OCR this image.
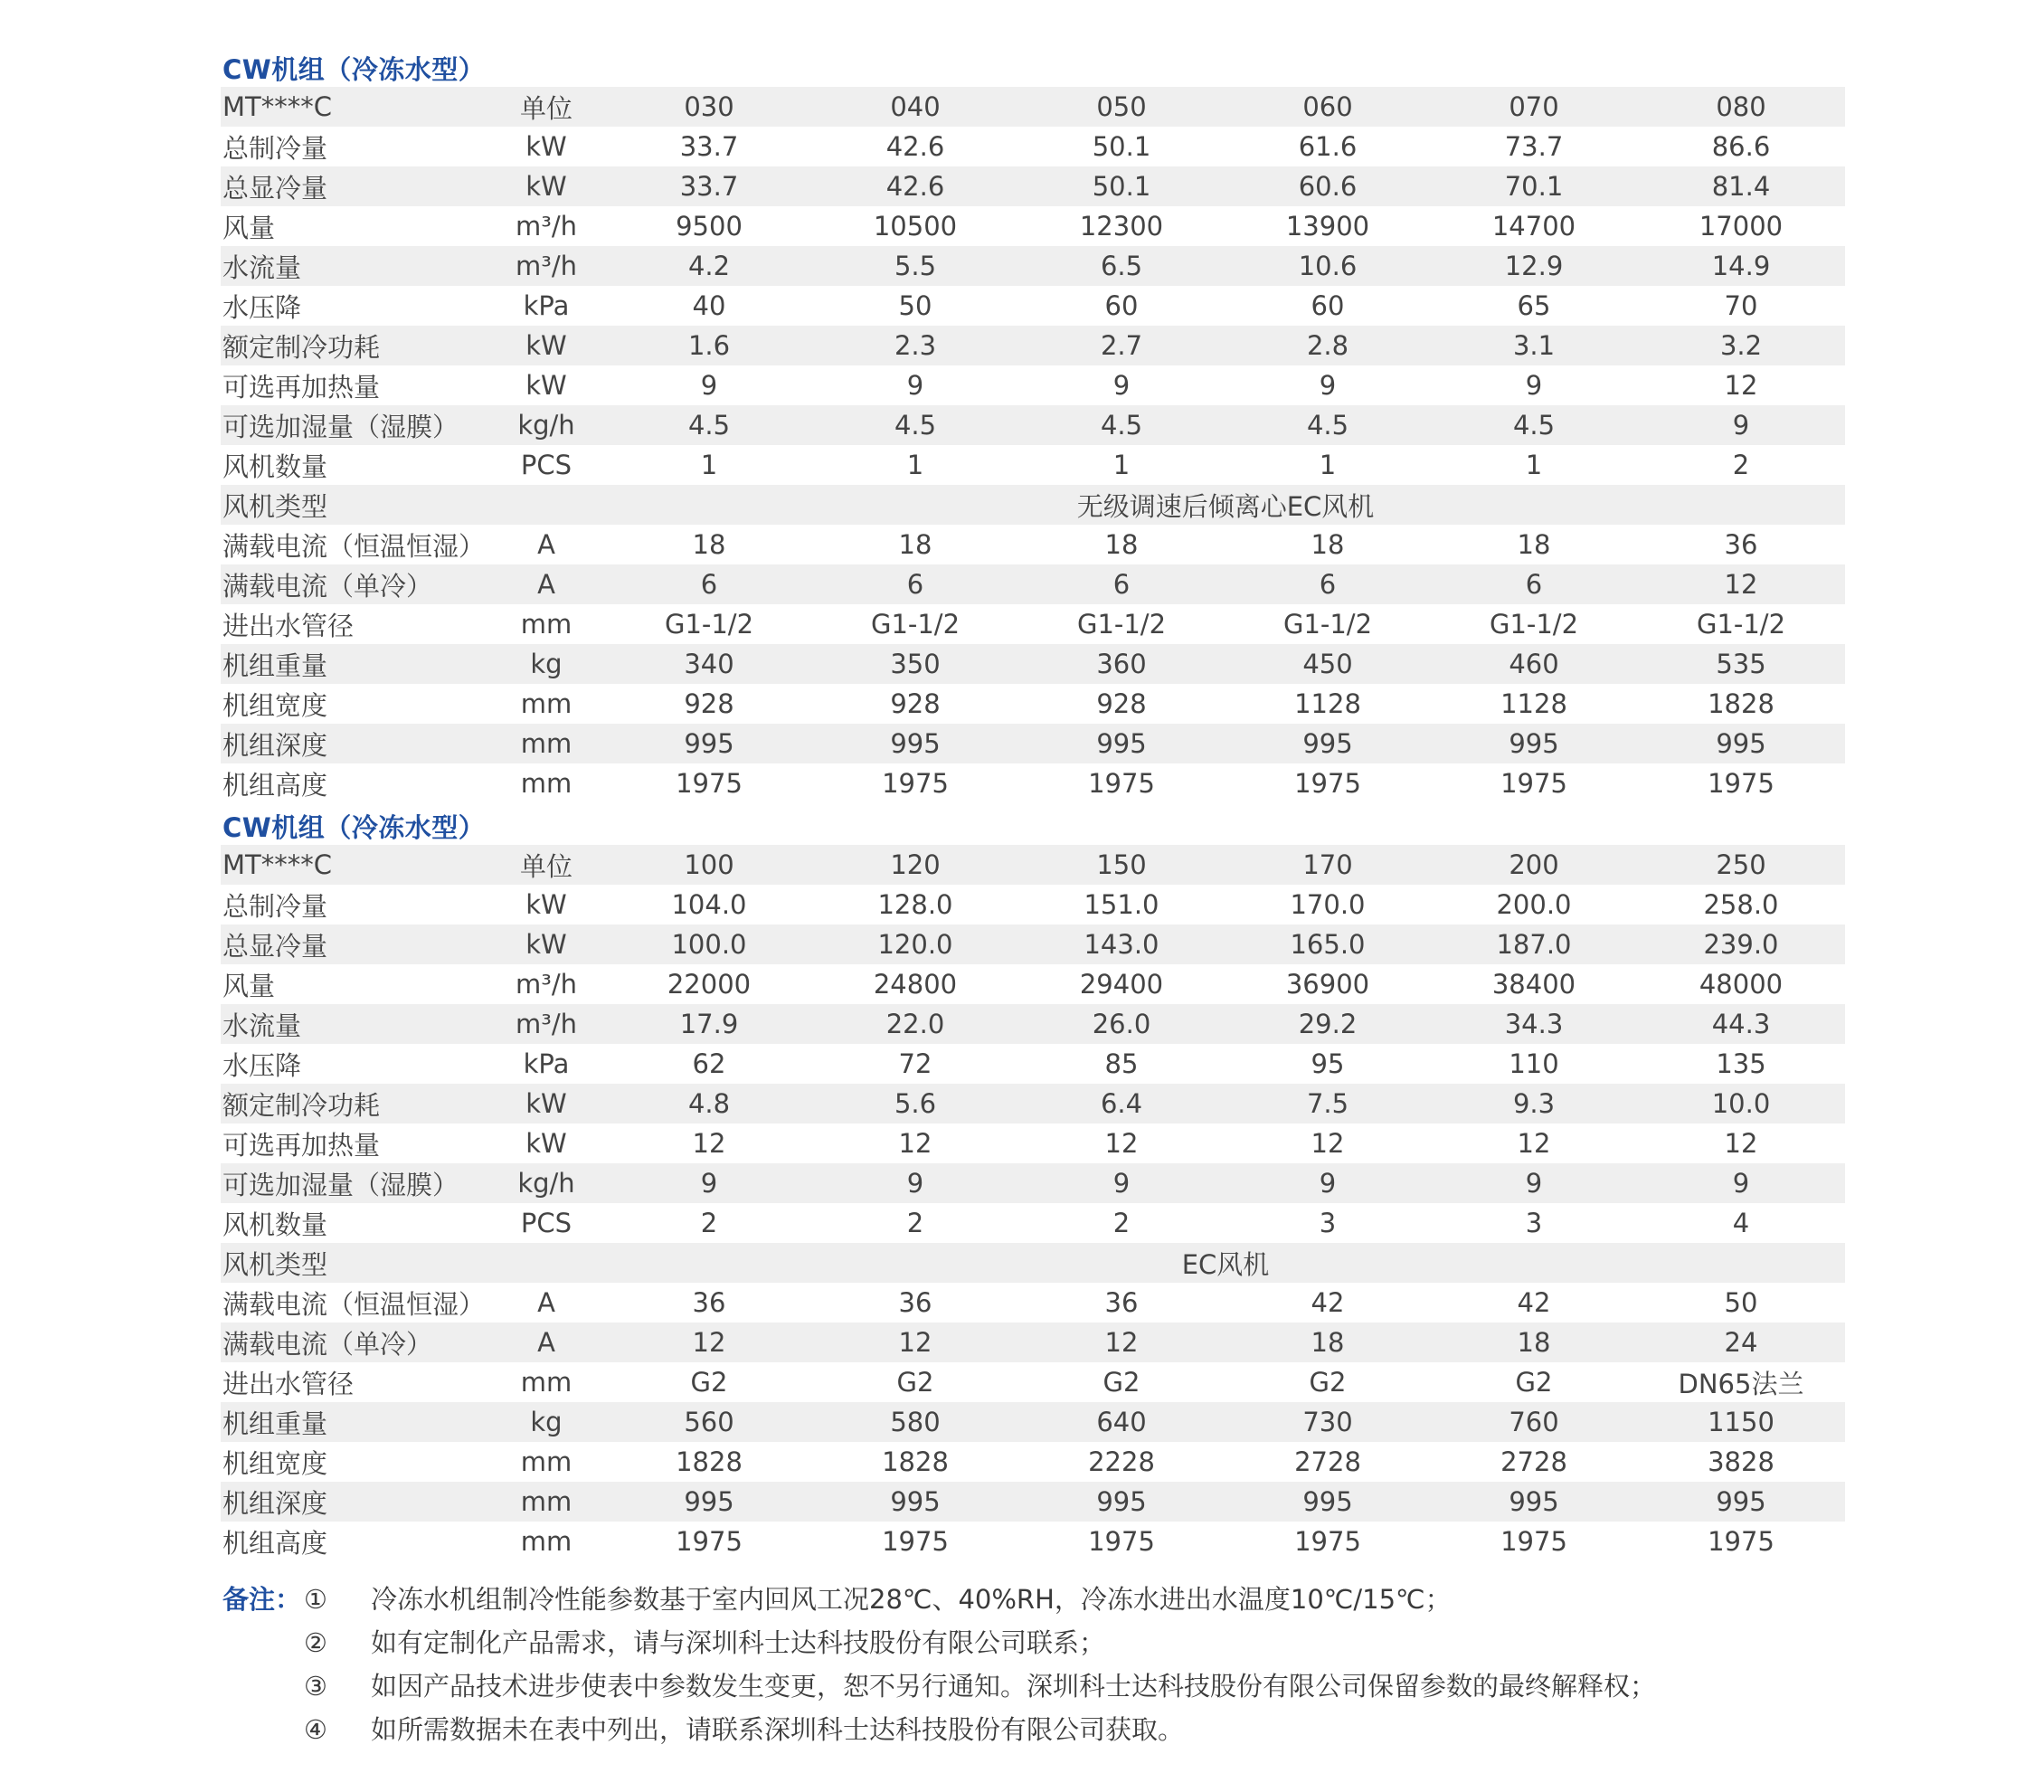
CW机组（冷冻水型）
MT****C	单位	030	040	050	060	070	080
总制冷量	kW	33.7	42.6	50.1	61.6	73.7	86.6
总显冷量	kW	33.7	42.6	50.1	60.6	70.1	81.4
风量	m³/h	9500	10500	12300	13900	14700	17000
水流量	m³/h	4.2	5.5	6.5	10.6	12.9	14.9
水压降	kPa	40	50	60	60	65	70
额定制冷功耗	kW	1.6	2.3	2.7	2.8	3.1	3.2
可选再加热量	kW	9	9	9	9	9	12
可选加湿量（湿膜）	kg/h	4.5	4.5	4.5	4.5	4.5	9
风机数量	PCS	1	1	1	1	1	2
风机类型		无级调速后倾离心EC风机					
满载电流（恒温恒湿）	A	18	18	18	18	18	36
满载电流（单冷）	A	6	6	6	6	6	12
进出水管径	mm	G1-1/2	G1-1/2	G1-1/2	G1-1/2	G1-1/2	G1-1/2
机组重量	kg	340	350	360	450	460	535
机组宽度	mm	928	928	928	1128	1128	1828
机组深度	mm	995	995	995	995	995	995
机组高度	mm	1975	1975	1975	1975	1975	1975
CW机组（冷冻水型）
MT****C	单位	100	120	150	170	200	250
总制冷量	kW	104.0	128.0	151.0	170.0	200.0	258.0
总显冷量	kW	100.0	120.0	143.0	165.0	187.0	239.0
风量	m³/h	22000	24800	29400	36900	38400	48000
水流量	m³/h	17.9	22.0	26.0	29.2	34.3	44.3
水压降	kPa	62	72	85	95	110	135
额定制冷功耗	kW	4.8	5.6	6.4	7.5	9.3	10.0
可选再加热量	kW	12	12	12	12	12	12
可选加湿量（湿膜）	kg/h	9	9	9	9	9	9
风机数量	PCS	2	2	2	3	3	4
风机类型		EC风机					
满载电流（恒温恒湿）	A	36	36	36	42	42	50
满载电流（单冷）	A	12	12	12	18	18	24
进出水管径	mm	G2	G2	G2	G2	G2	DN65法兰
机组重量	kg	560	580	640	730	760	1150
机组宽度	mm	1828	1828	2228	2728	2728	3828
机组深度	mm	995	995	995	995	995	995
机组高度	mm	1975	1975	1975	1975	1975	1975
备注： ① 冷冻水机组制冷性能参数基于室内回风工况28℃、40%RH，冷冻水进出水温度10℃/15℃；
② 如有定制化产品需求，请与深圳科士达科技股份有限公司联系；
③ 如因产品技术进步使表中参数发生变更，恕不另行通知。深圳科士达科技股份有限公司保留参数的最终解释权；
④ 如所需数据未在表中列出，请联系深圳科士达科技股份有限公司获取。
